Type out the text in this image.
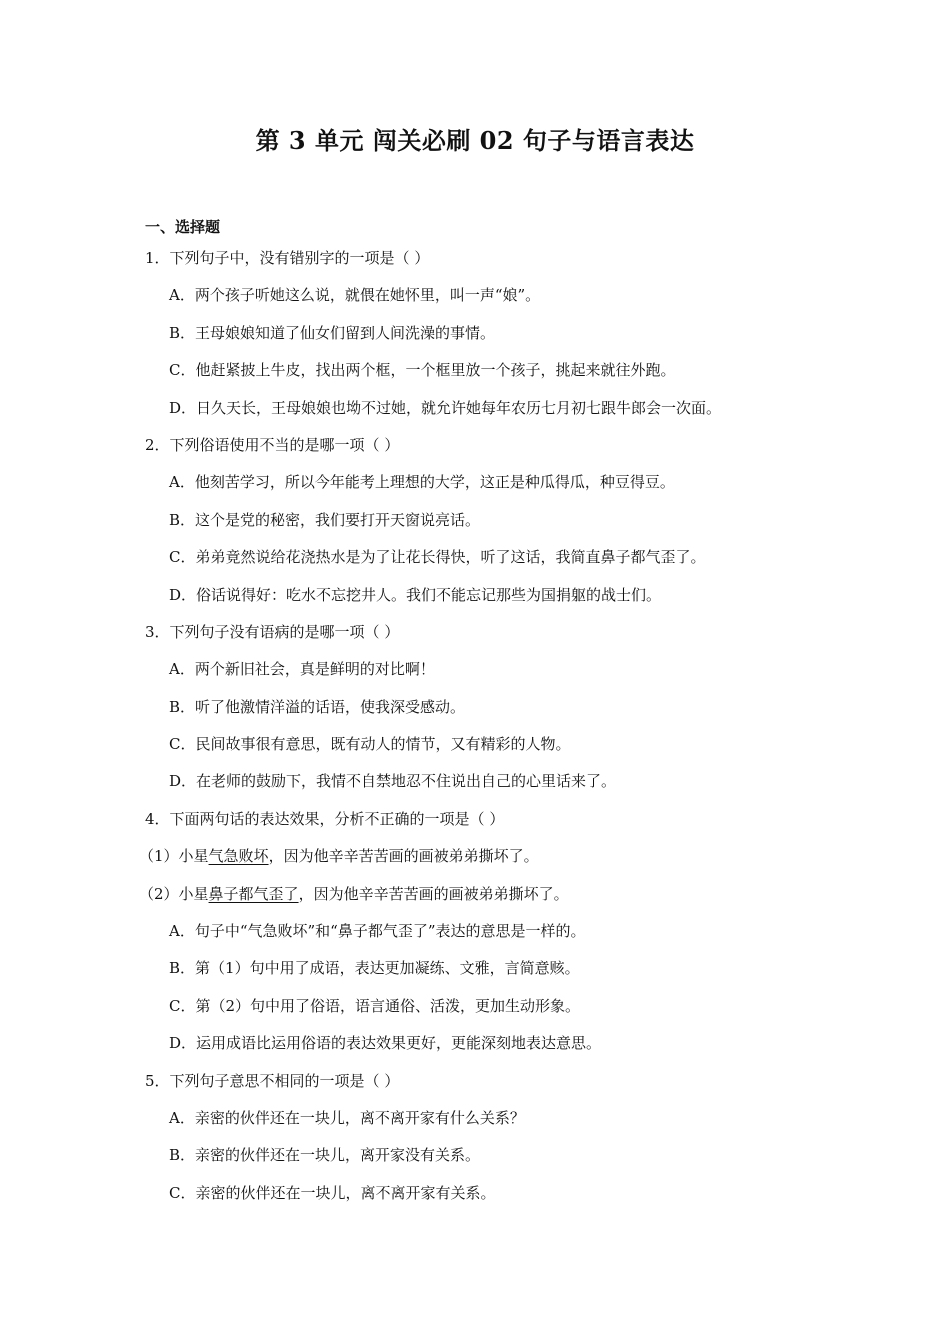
第 3 单元 闯关必刷 02 句子与语言表达
一、选择题
1．下列句子中，没有错别字的一项是（ ）
A．两个孩子听她这么说，就偎在她怀里，叫一声“娘”。
B．王母娘娘知道了仙女们留到人间洗澡的事情。
C．他赶紧披上牛皮，找出两个框，一个框里放一个孩子，挑起来就往外跑。
D．日久天长，王母娘娘也坳不过她，就允许她每年农历七月初七跟牛郎会一次面。
2．下列俗语使用不当的是哪一项（ ）
A．他刻苦学习，所以今年能考上理想的大学，这正是种瓜得瓜，种豆得豆。
B．这个是党的秘密，我们要打开天窗说亮话。
C．弟弟竟然说给花浇热水是为了让花长得快，听了这话，我简直鼻子都气歪了。
D．俗话说得好：吃水不忘挖井人。我们不能忘记那些为国捐躯的战士们。
3．下列句子没有语病的是哪一项（ ）
A．两个新旧社会，真是鲜明的对比啊！
B．听了他激情洋溢的话语，使我深受感动。
C．民间故事很有意思，既有动人的情节，又有精彩的人物。
D．在老师的鼓励下，我情不自禁地忍不住说出自己的心里话来了。
4．下面两句话的表达效果，分析不正确的一项是（ ）
（1）小星气急败坏，因为他辛辛苦苦画的画被弟弟撕坏了。
（2）小星鼻子都气歪了，因为他辛辛苦苦画的画被弟弟撕坏了。
A．句子中“气急败坏”和“鼻子都气歪了”表达的意思是一样的。
B．第（1）句中用了成语，表达更加凝练、文雅，言简意赅。
C．第（2）句中用了俗语，语言通俗、活泼，更加生动形象。
D．运用成语比运用俗语的表达效果更好，更能深刻地表达意思。
5．下列句子意思不相同的一项是（ ）
A．亲密的伙伴还在一块儿，离不离开家有什么关系？
B．亲密的伙伴还在一块儿，离开家没有关系。
C．亲密的伙伴还在一块儿，离不离开家有关系。
